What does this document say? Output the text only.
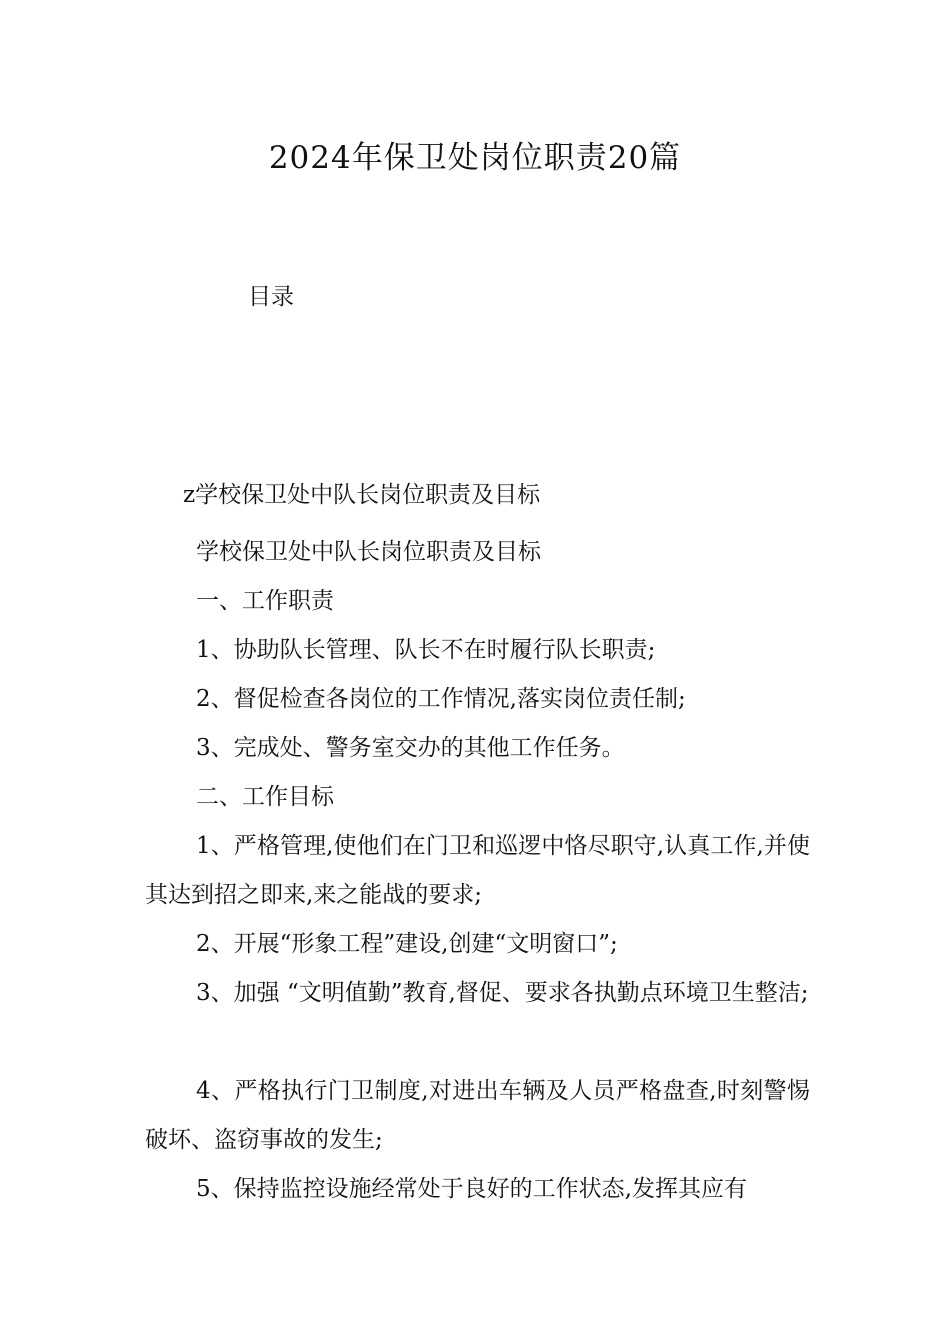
2024年保卫处岗位职责20篇
目录
z学校保卫处中队长岗位职责及目标

学校保卫处中队长岗位职责及目标

一、工作职责

1、协助队长管理、队长不在时履行队长职责;

2、督促检查各岗位的工作情况,落实岗位责任制;

3、完成处、警务室交办的其他工作任务。

二、工作目标

1、严格管理,使他们在门卫和巡逻中恪尽职守,认真工作,并使其达到招之即来,来之能战的要求;

2、开展“形象工程”建设,创建“文明窗口”;

3、加强 “文明值勤”教育,督促、要求各执勤点环境卫生整洁;

4、严格执行门卫制度,对进出车辆及人员严格盘查,时刻警惕破坏、盗窃事故的发生;

5、保持监控设施经常处于良好的工作状态,发挥其应有
